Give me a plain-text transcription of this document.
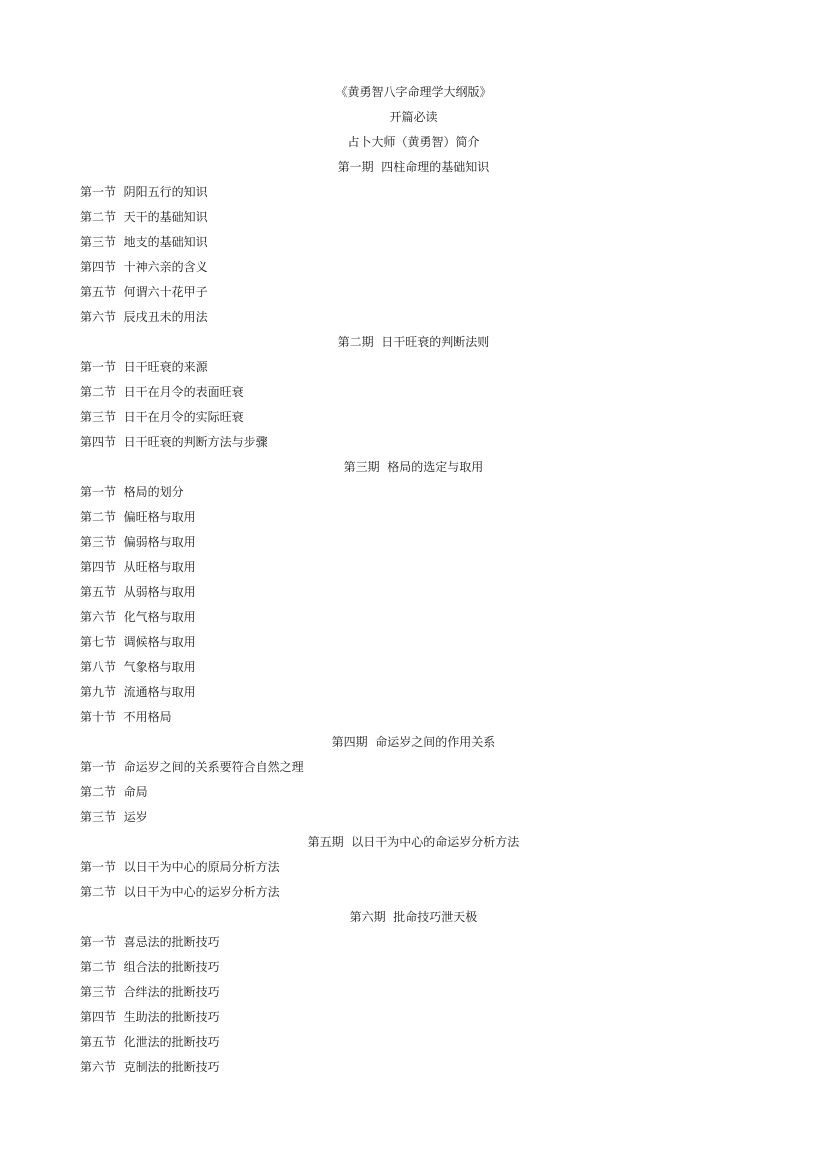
《黄勇智八字命理学大纲版》
开篇必读
占卜大师（黄勇智）简介
第一期  四柱命理的基础知识
第一节  阴阳五行的知识
第二节  天干的基础知识
第三节  地支的基础知识
第四节  十神六亲的含义
第五节  何谓六十花甲子
第六节  辰戌丑未的用法
第二期  日干旺衰的判断法则
第一节  日干旺衰的来源
第二节  日干在月令的表面旺衰
第三节  日干在月令的实际旺衰
第四节  日干旺衰的判断方法与步骤
第三期  格局的选定与取用
第一节  格局的划分
第二节  偏旺格与取用
第三节  偏弱格与取用
第四节  从旺格与取用
第五节  从弱格与取用
第六节  化气格与取用
第七节  调候格与取用
第八节  气象格与取用
第九节  流通格与取用
第十节  不用格局
第四期  命运岁之间的作用关系
第一节  命运岁之间的关系要符合自然之理
第二节  命局
第三节  运岁
第五期  以日干为中心的命运岁分析方法
第一节  以日干为中心的原局分析方法
第二节  以日干为中心的运岁分析方法
第六期  批命技巧泄天极
第一节  喜忌法的批断技巧
第二节  组合法的批断技巧
第三节  合绊法的批断技巧
第四节  生助法的批断技巧
第五节  化泄法的批断技巧
第六节  克制法的批断技巧
